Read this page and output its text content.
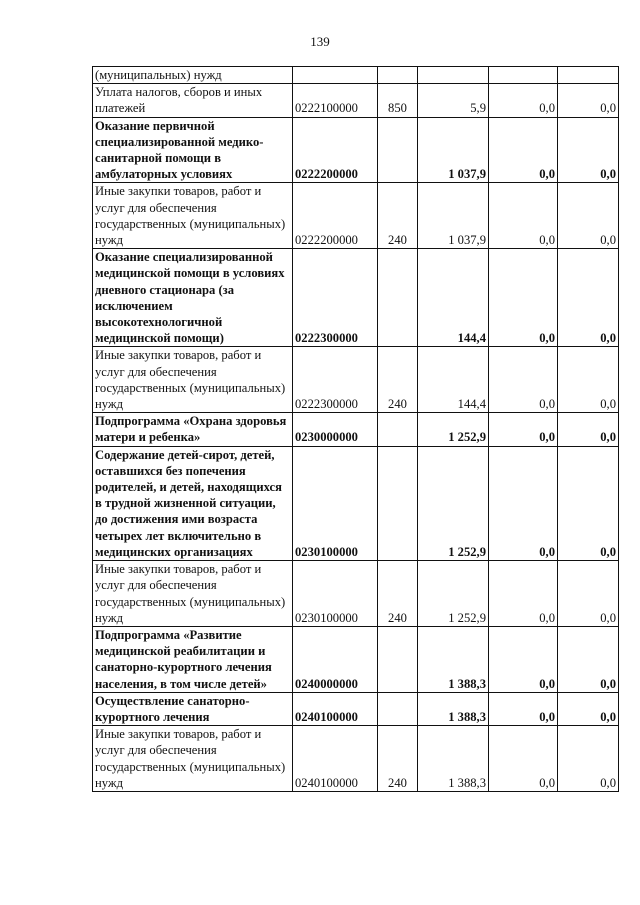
139
(муниципальных) нужд					
Уплата налогов, сборов и иных платежей	0222100000	850	5,9	0,0	0,0
Оказание первичной специализированной медико-санитарной помощи в амбулаторных условиях	0222200000		1 037,9	0,0	0,0
Иные закупки товаров, работ и услуг для обеспечения государственных (муниципальных) нужд	0222200000	240	1 037,9	0,0	0,0
Оказание специализированной медицинской помощи в условиях дневного стационара (за исключением высокотехнологичной медицинской помощи)	0222300000		144,4	0,0	0,0
Иные закупки товаров, работ и услуг для обеспечения государственных (муниципальных) нужд	0222300000	240	144,4	0,0	0,0
Подпрограмма «Охрана здоровья матери и ребенка»	0230000000		1 252,9	0,0	0,0
Содержание детей-сирот, детей, оставшихся без попечения родителей, и детей, находящихся в трудной жизненной ситуации, до достижения ими возраста четырех лет включительно в медицинских организациях	0230100000		1 252,9	0,0	0,0
Иные закупки товаров, работ и услуг для обеспечения государственных (муниципальных) нужд	0230100000	240	1 252,9	0,0	0,0
Подпрограмма «Развитие медицинской реабилитации и санаторно-курортного лечения населения, в том числе детей»	0240000000		1 388,3	0,0	0,0
Осуществление санаторно-курортного лечения	0240100000		1 388,3	0,0	0,0
Иные закупки товаров, работ и услуг для обеспечения государственных (муниципальных) нужд	0240100000	240	1 388,3	0,0	0,0
